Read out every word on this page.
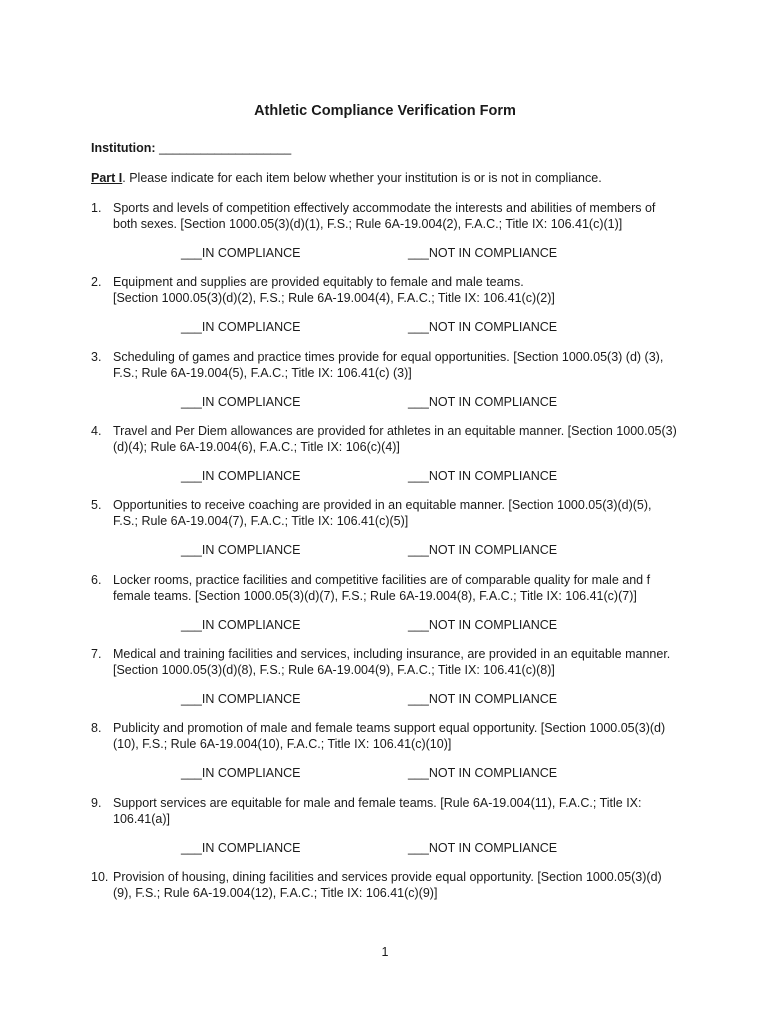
Athletic Compliance Verification Form

Institution: ___________________

Part I. Please indicate for each item below whether your institution is or is not in compliance.

1. Sports and levels of competition effectively accommodate the interests and abilities of members of
both sexes. [Section 1000.05(3)(d)(1), F.S.; Rule 6A-19.004(2), F.A.C.; Title IX: 106.41(c)(1)]

___IN COMPLIANCE	___NOT IN COMPLIANCE
2. Equipment and supplies are provided equitably to female and male teams.
[Section 1000.05(3)(d)(2), F.S.; Rule 6A-19.004(4), F.A.C.; Title IX: 106.41(c)(2)]

___IN COMPLIANCE	___NOT IN COMPLIANCE
3. Scheduling of games and practice times provide for equal opportunities. [Section 1000.05(3) (d) (3),
F.S.; Rule 6A-19.004(5), F.A.C.; Title IX: 106.41(c) (3)]

___IN COMPLIANCE	___NOT IN COMPLIANCE
4. Travel and Per Diem allowances are provided for athletes in an equitable manner. [Section 1000.05(3)
(d)(4); Rule 6A-19.004(6), F.A.C.; Title IX: 106(c)(4)]

___IN COMPLIANCE	___NOT IN COMPLIANCE
5. Opportunities to receive coaching are provided in an equitable manner. [Section 1000.05(3)(d)(5),
F.S.; Rule 6A-19.004(7), F.A.C.; Title IX: 106.41(c)(5)]

___IN COMPLIANCE	___NOT IN COMPLIANCE
6. Locker rooms, practice facilities and competitive facilities are of comparable quality for male and f
female teams. [Section 1000.05(3)(d)(7), F.S.; Rule 6A-19.004(8), F.A.C.; Title IX: 106.41(c)(7)]

___IN COMPLIANCE	___NOT IN COMPLIANCE
7. Medical and training facilities and services, including insurance, are provided in an equitable manner.
[Section 1000.05(3)(d)(8), F.S.; Rule 6A-19.004(9), F.A.C.; Title IX: 106.41(c)(8)]

___IN COMPLIANCE	___NOT IN COMPLIANCE
8. Publicity and promotion of male and female teams support equal opportunity. [Section 1000.05(3)(d)
(10), F.S.; Rule 6A-19.004(10), F.A.C.; Title IX: 106.41(c)(10)]

___IN COMPLIANCE	___NOT IN COMPLIANCE
9. Support services are equitable for male and female teams. [Rule 6A-19.004(11), F.A.C.; Title IX:
106.41(a)]

___IN COMPLIANCE	___NOT IN COMPLIANCE
10. Provision of housing, dining facilities and services provide equal opportunity. [Section 1000.05(3)(d)
(9), F.S.; Rule 6A-19.004(12), F.A.C.; Title IX: 106.41(c)(9)]

1
